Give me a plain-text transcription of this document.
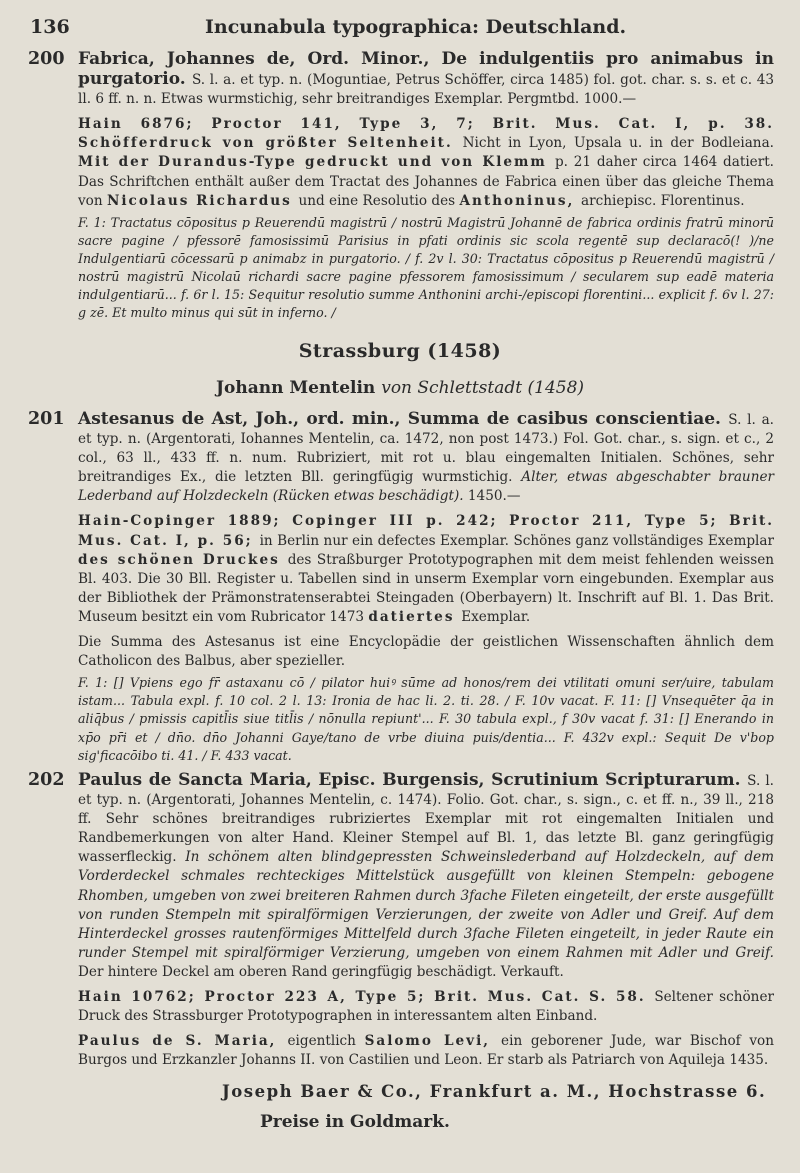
136	Incunabula typographica: Deutschland.
200 Fabrica, Johannes de, Ord. Minor., De indulgentiis pro animabus in purgatorio. S. l. a. et typ. n. (Moguntiae, Petrus Schöffer, circa 1485) fol. got. char. s. s. et c. 43 ll. 6 ff. n. n. Etwas wurmstichig, sehr breitrandiges Exemplar. Pergmtbd. 1000.—
Hain 6876; Proctor 141, Type 3, 7; Brit. Mus. Cat. I, p. 38. Schöfferdruck von größter Seltenheit. Nicht in Lyon, Upsala u. in der Bodleiana. Mit der Durandus-Type gedruckt und von Klemm p. 21 daher circa 1464 datiert. Das Schriftchen enthält außer dem Tractat des Johannes de Fabrica einen über das gleiche Thema von Nicolaus Richardus und eine Resolutio des Anthoninus, archiepisc. Florentinus.
F. 1: Tractatus cōpositus p Reuerendū magistrū / nostrū Magistrū Johannē de fabrica ordinis fratrū minorū sacre pagine / pfessorē famosissimū Parisius in pfati ordinis sic scola regentē sup declaracō(! )/ne Indulgentiarū cōcessarū p animabz in purgatorio. / f. 2v l. 30: Tractatus cōpositus p Reuerendū magistrū / nostrū magistrū Nicolaū richardi sacre pagine pfessorem famosissimum / secularem sup eadē materia indulgentiarū... f. 6r l. 15: Sequitur resolutio summe Anthonini archi-/episcopi florentini... explicit f. 6v l. 27: g zē. Et multo minus qui sūt in inferno. /
Strassburg (1458)
Johann Mentelin von Schlettstadt (1458)
201 Astesanus de Ast, Joh., ord. min., Summa de casibus conscientiae. S. l. a. et typ. n. (Argentorati, Iohannes Mentelin, ca. 1472, non post 1473.) Fol. Got. char., s. sign. et c., 2 col., 63 ll., 433 ff. n. num. Rubriziert, mit rot u. blau eingemalten Initialen. Schönes, sehr breitrandiges Ex., die letzten Bll. geringfügig wurmstichig. Alter, etwas abgeschabter brauner Lederband auf Holzdeckeln (Rücken etwas beschädigt). 1450.—
Hain-Copinger 1889; Copinger III p. 242; Proctor 211, Type 5; Brit. Mus. Cat. I, p. 56; in Berlin nur ein defectes Exemplar. Schönes ganz vollständiges Exemplar des schönen Druckes des Straßburger Prototypographen mit dem meist fehlenden weissen Bl. 403. Die 30 Bll. Register u. Tabellen sind in unserm Exemplar vorn eingebunden. Exemplar aus der Bibliothek der Prämonstratenserabtei Steingaden (Oberbayern) lt. Inschrift auf Bl. 1. Das Brit. Museum besitzt ein vom Rubricator 1473 datiertes Exemplar.
Die Summa des Astesanus ist eine Encyclopädie der geistlichen Wissenschaften ähnlich dem Catholicon des Balbus, aber spezieller.
F. 1: [] Vpiens ego fr̄ astaxanu cō / pilator huiꝰ sūme ad honos/rem dei vtilitati omuni ser/uire, tabulam istam... Tabula expl. f. 10 col. 2 l. 13: Ironia de hac li. 2. ti. 28. / F. 10v vacat. F. 11: [] Vnsequēter q̄a in aliq̄bus / pmissis capitl̄is siue titl̄is / nōnulla repiunt'... F. 30 tabula expl., f 30v vacat f. 31: [] Enerando in xp̄o pr̄i et / dn̄o. dn̄o Johanni Gaye/tano de vrbe diuina puis/dentia... F. 432v expl.: Sequit De v'bop sig'ficacōibo ti. 41. / F. 433 vacat.
202 Paulus de Sancta Maria, Episc. Burgensis, Scrutinium Scripturarum. S. l. et typ. n. (Argentorati, Johannes Mentelin, c. 1474). Folio. Got. char., s. sign., c. et ff. n., 39 ll., 218 ff. Sehr schönes breitrandiges rubriziertes Exemplar mit rot eingemalten Initialen und Randbemerkungen von alter Hand. Kleiner Stempel auf Bl. 1, das letzte Bl. ganz geringfügig wasserfleckig. In schönem alten blindgepressten Schweinslederband auf Holzdeckeln, auf dem Vorderdeckel schmales rechteckiges Mittelstück ausgefüllt von kleinen Stempeln: gebogene Rhomben, umgeben von zwei breiteren Rahmen durch 3fache Fileten eingeteilt, der erste ausgefüllt von runden Stempeln mit spiralförmigen Verzierungen, der zweite von Adler und Greif. Auf dem Hinterdeckel grosses rautenförmiges Mittelfeld durch 3fache Fileten eingeteilt, in jeder Raute ein runder Stempel mit spiralförmiger Verzierung, umgeben von einem Rahmen mit Adler und Greif. Der hintere Deckel am oberen Rand geringfügig beschädigt. Verkauft.
Hain 10762; Proctor 223 A, Type 5; Brit. Mus. Cat. S. 58. Seltener schöner Druck des Strassburger Prototypographen in interessantem alten Einband.
Paulus de S. Maria, eigentlich Salomo Levi, ein geborener Jude, war Bischof von Burgos und Erzkanzler Johanns II. von Castilien und Leon. Er starb als Patriarch von Aquileja 1435.
Joseph Baer & Co., Frankfurt a. M., Hochstrasse 6.
Preise in Goldmark.
